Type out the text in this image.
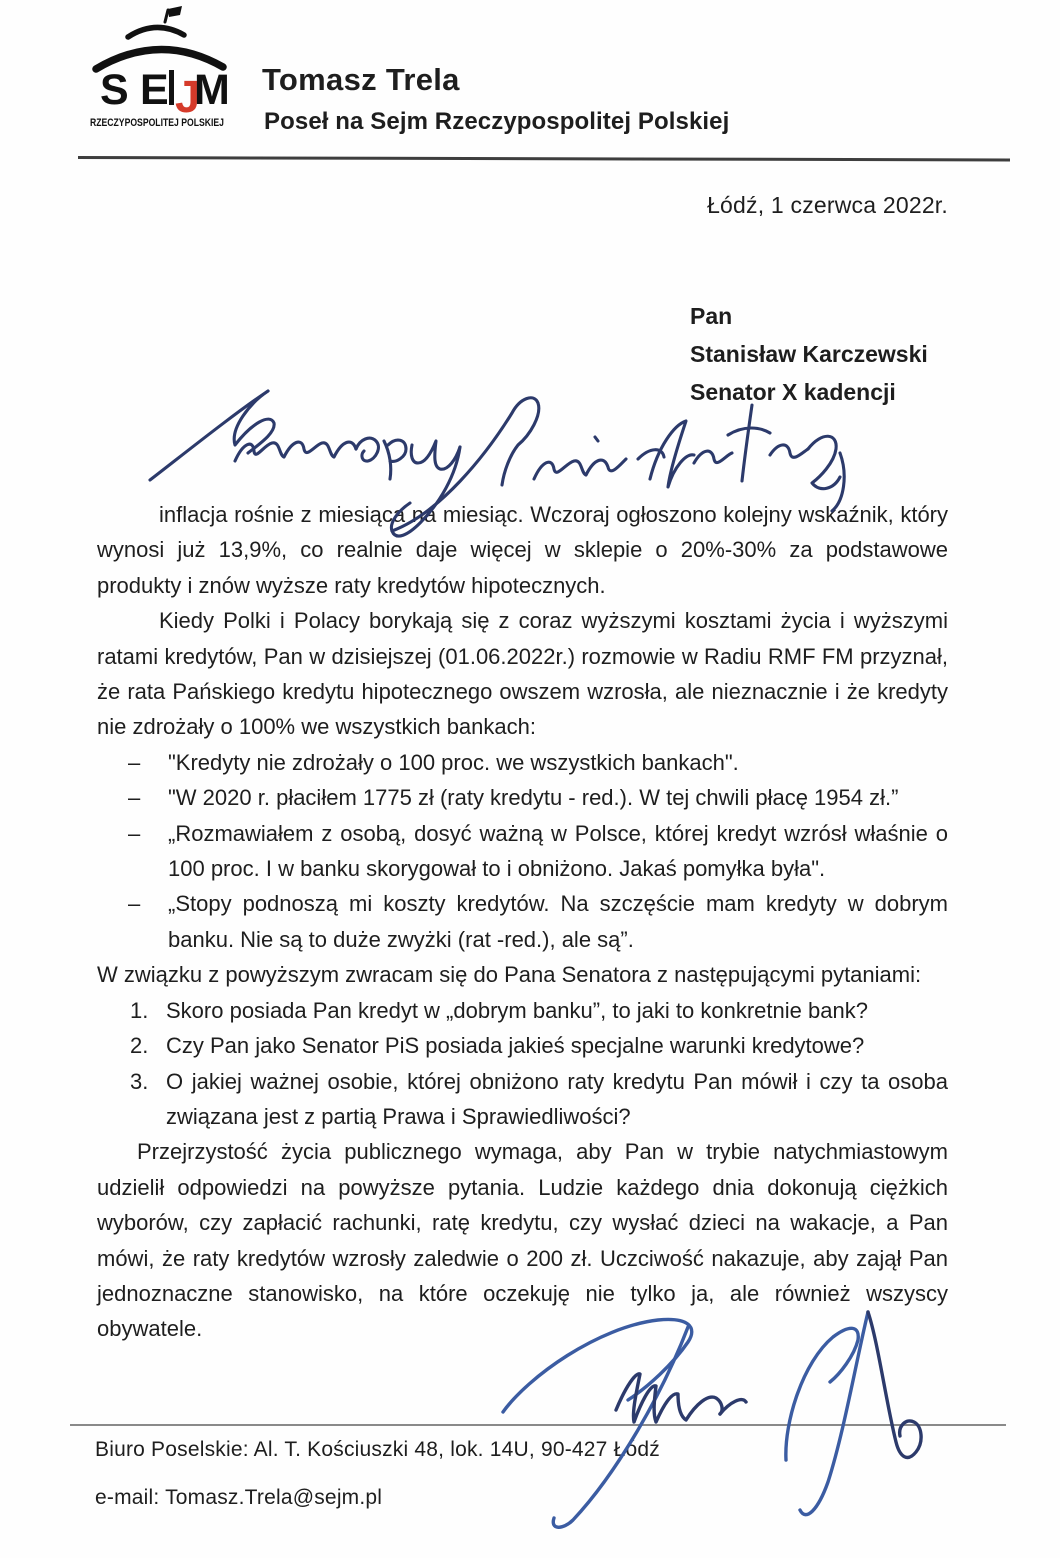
S E J
M
RZECZYPOSPOLITEJ POLSKIEJ
Tomasz Trela
Poseł na Sejm Rzeczypospolitej Polskiej
Łódź, 1 czerwca 2022r.
Pan
Stanisław Karczewski
Senator X kadencji

inflacja rośnie z miesiąca na miesiąc. Wczoraj ogłoszono kolejny wskaźnik, który wynosi już 13,9%, co realnie daje więcej w sklepie o 20%-30% za podstawowe produkty i znów wyższe raty kredytów hipotecznych.

Kiedy Polki i Polacy borykają się z coraz wyższymi kosztami życia i wyższymi ratami kredytów, Pan w dzisiejszej (01.06.2022r.) rozmowie w Radiu RMF FM przyznał, że rata Pańskiego kredytu hipotecznego owszem wzrosła, ale nieznacznie i że kredyty nie zdrożały o 100% we wszystkich bankach:

–	"Kredyty nie zdrożały o 100 proc. we wszystkich bankach".
–	"W 2020 r. płaciłem 1775 zł (raty kredytu - red.). W tej chwili płacę 1954 zł.”
–	„Rozmawiałem z osobą, dosyć ważną w Polsce, której kredyt wzrósł właśnie o 100 proc. I w banku skorygował to i obniżono. Jakaś pomyłka była".
–	„Stopy podnoszą mi koszty kredytów. Na szczęście mam kredyty w dobrym banku. Nie są to duże zwyżki (rat -red.), ale są”.

W związku z powyższym zwracam się do Pana Senatora z następującymi pytaniami:

1. Skoro posiada Pan kredyt w „dobrym banku”, to jaki to konkretnie bank?
2. Czy Pan jako Senator PiS posiada jakieś specjalne warunki kredytowe?
3. O jakiej ważnej osobie, której obniżono raty kredytu Pan mówił i czy ta osoba związana jest z partią Prawa i Sprawiedliwości?

Przejrzystość życia publicznego wymaga, aby Pan w trybie natychmiastowym udzielił odpowiedzi na powyższe pytania. Ludzie każdego dnia dokonują ciężkich wyborów, czy zapłacić rachunki, ratę kredytu, czy wysłać dzieci na wakacje, a Pan mówi, że raty kredytów wzrosły zaledwie o 200 zł. Uczciwość nakazuje, aby zajął Pan jednoznaczne stanowisko, na które oczekuję nie tylko ja, ale również wszyscy obywatele.

Biuro Poselskie: Al. T. Kościuszki 48, lok. 14U, 90-427 Łódź
e-mail: Tomasz.Trela@sejm.pl
